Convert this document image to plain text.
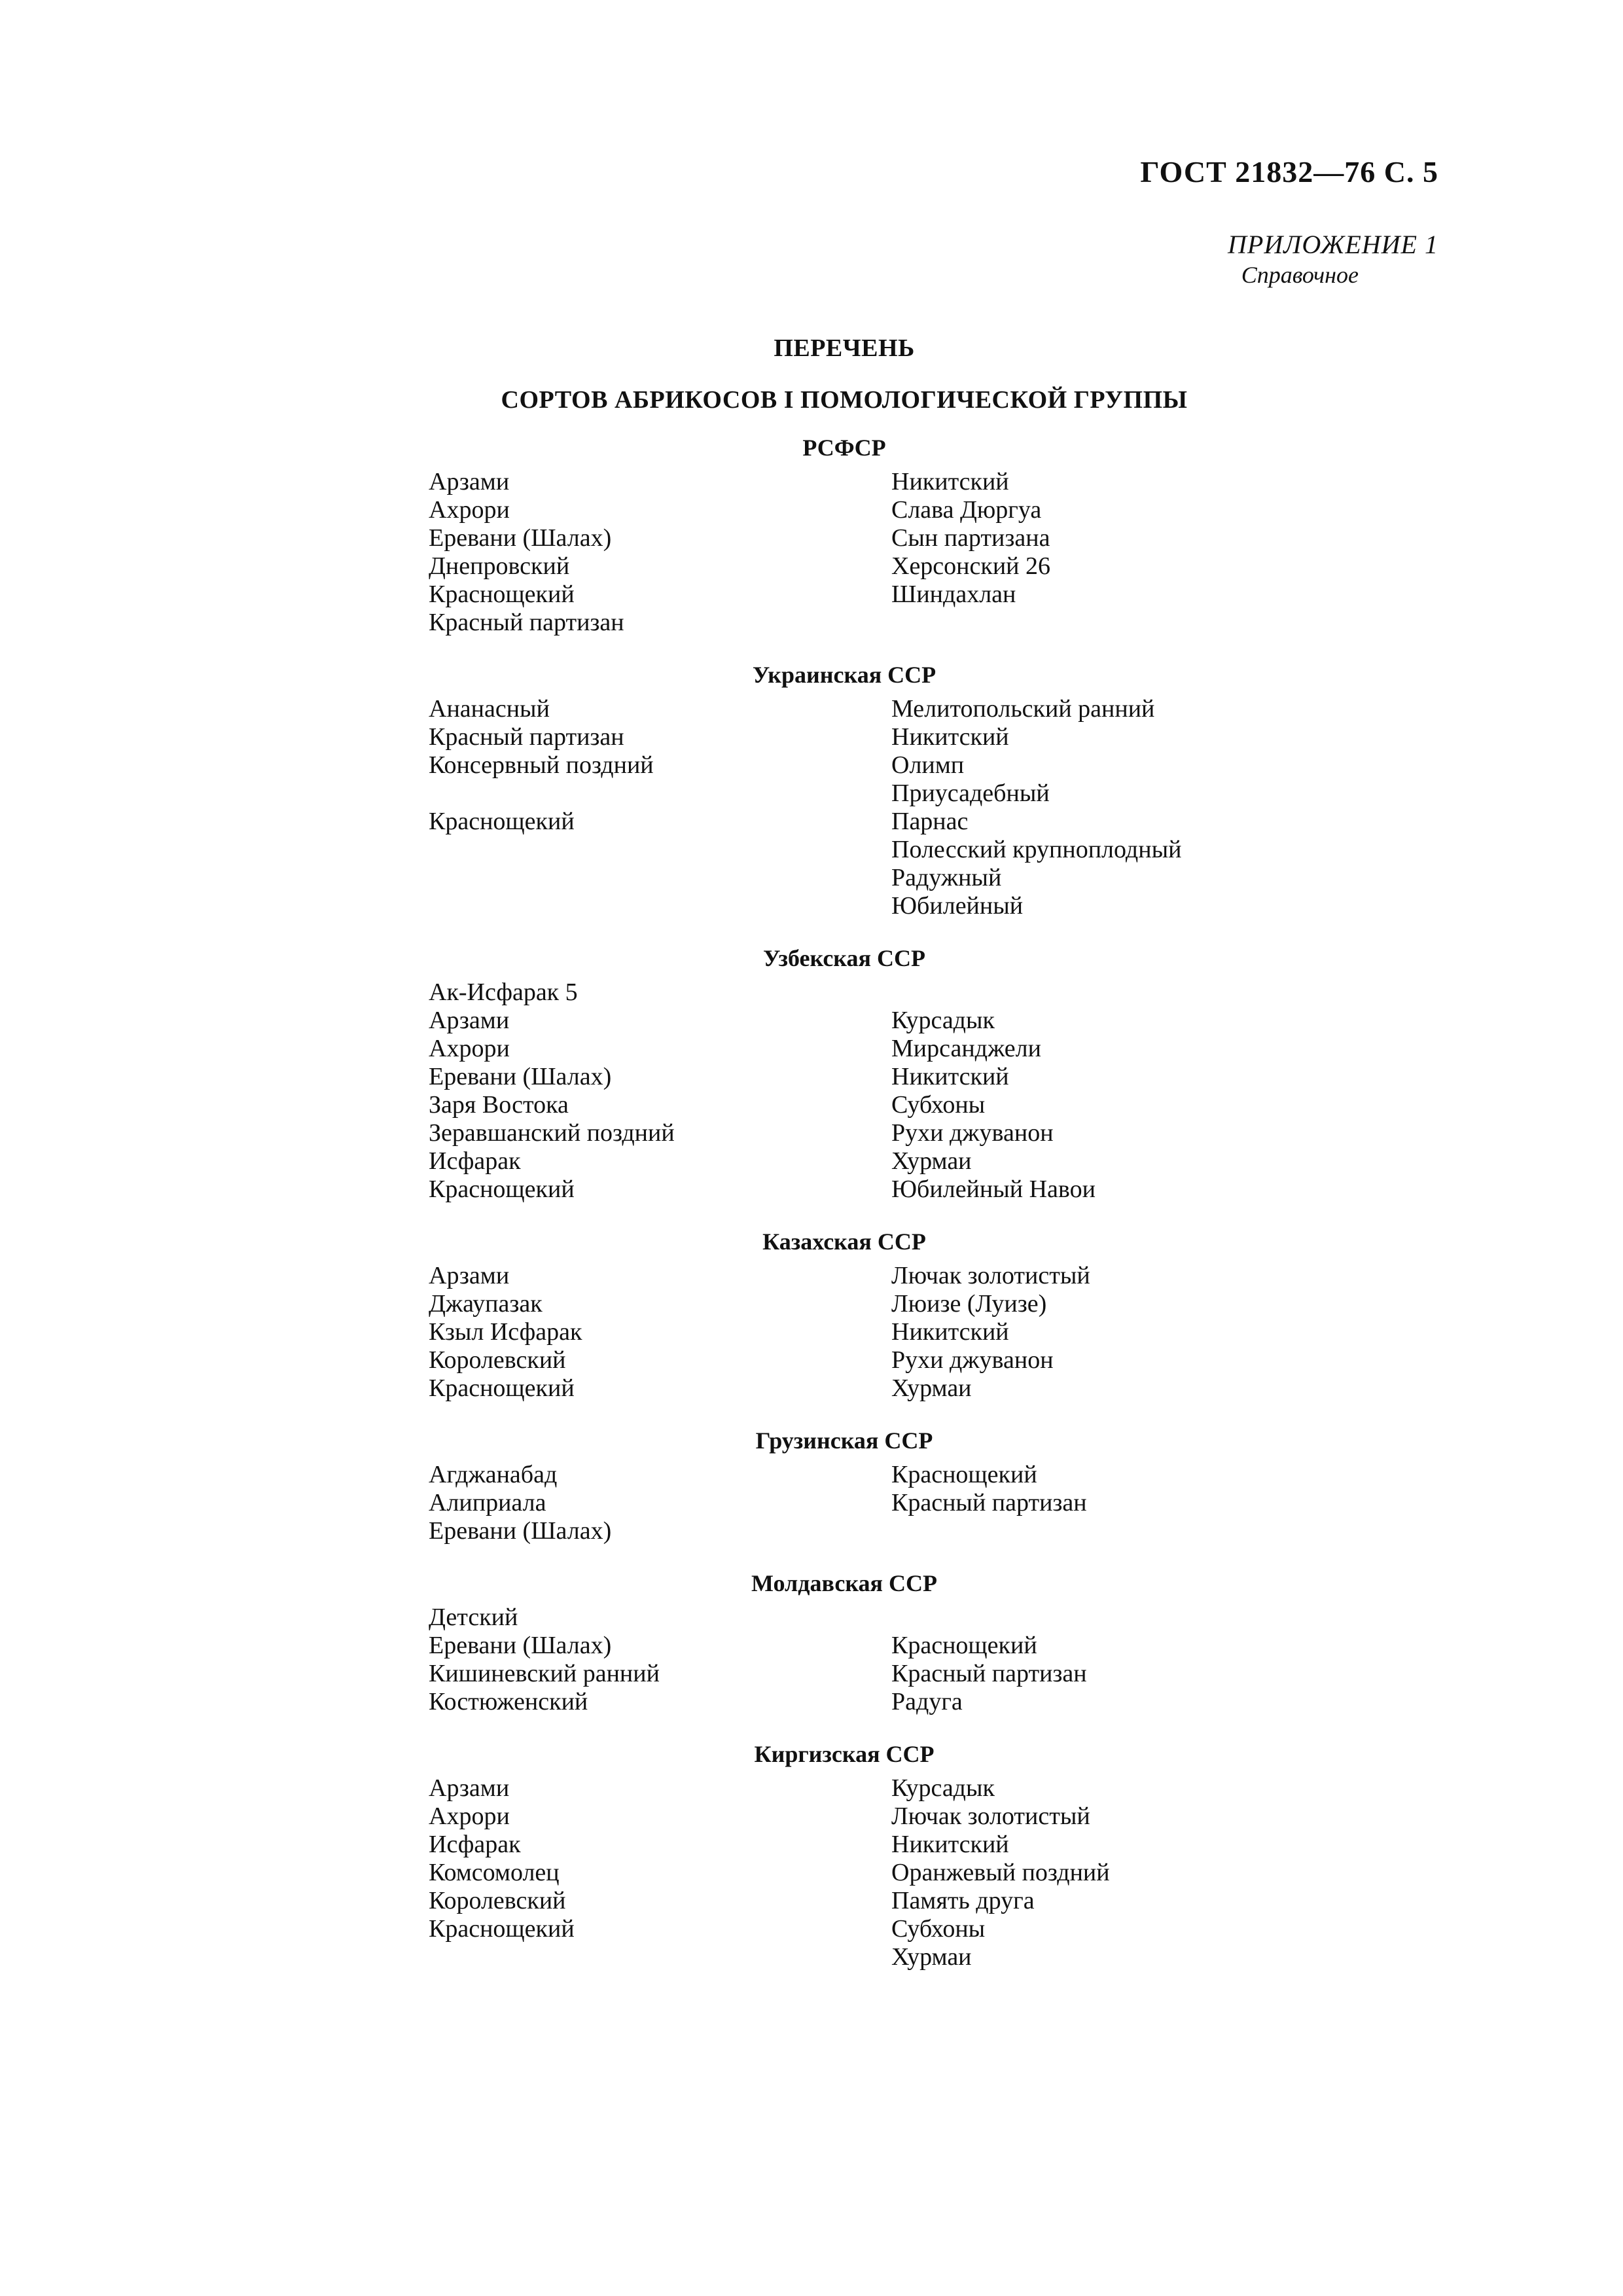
ГОСТ 21832—76 С. 5
ПРИЛОЖЕНИЕ 1
Справочное
ПЕРЕЧЕНЬ
СОРТОВ АБРИКОСОВ I ПОМОЛОГИЧЕСКОЙ ГРУППЫ
РСФСР
Арзами
Ахрори
Еревани (Шалах)
Днепровский
Краснощекий
Красный партизан
Никитский
Слава Дюргуа
Сын партизана
Херсонский 26
Шиндахлан
Украинская ССР
Ананасный
Красный партизан
Консервный поздний
Краснощекий
Мелитопольский ранний
Никитский
Олимп
Приусадебный
Парнас
Полесский крупноплодный
Радужный
Юбилейный
Узбекская ССР
Ак-Исфарак 5
Арзами
Ахрори
Еревани (Шалах)
Заря Востока
Зеравшанский поздний
Исфарак
Краснощекий
Курсадык
Мирсанджели
Никитский
Субхоны
Рухи джуванон
Хурмаи
Юбилейный Навои
Казахская ССР
Арзами
Джаупазак
Кзыл Исфарак
Королевский
Краснощекий
Лючак золотистый
Люизе (Луизе)
Никитский
Рухи джуванон
Хурмаи
Грузинская ССР
Агджанабад
Алиприала
Еревани (Шалах)
Краснощекий
Красный партизан
Молдавская ССР
Детский
Еревани (Шалах)
Кишиневский ранний
Костюженский
Краснощекий
Красный партизан
Радуга
Киргизская ССР
Арзами
Ахрори
Исфарак
Комсомолец
Королевский
Краснощекий
Курсадык
Лючак золотистый
Никитский
Оранжевый поздний
Память друга
Субхоны
Хурмаи
